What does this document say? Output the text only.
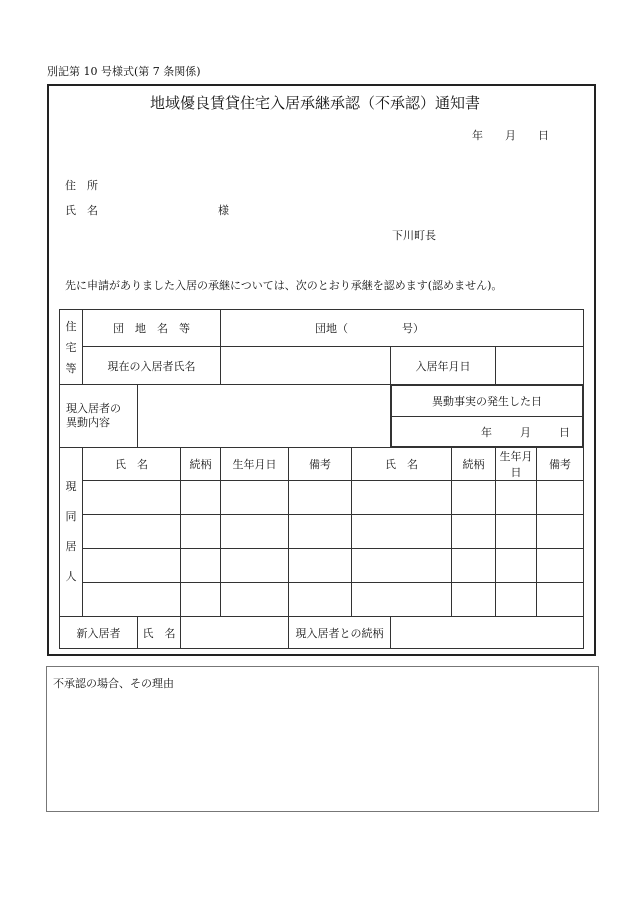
別記第 10 号様式(第 7 条関係)
地域優良賃貸住宅入居承継承認（不承認）通知書
年 月 日
住　所
氏　名	様
下川町長
先に申請がありました入居の承継については、次のとおり承継を認めます(認めません)。
住
宅
等
	団　地　名　等	団地（	号）

現在の入居者氏名		入居年月日	

現入居者の
異動内容

異動事実の発生した日
年	月	日

現
同
居
人
	氏　名	続柄	生年月日	備考	氏　名	続柄	生年月日	備考

新入居者	氏　名		現入居者との続柄	
不承認の場合、その理由
